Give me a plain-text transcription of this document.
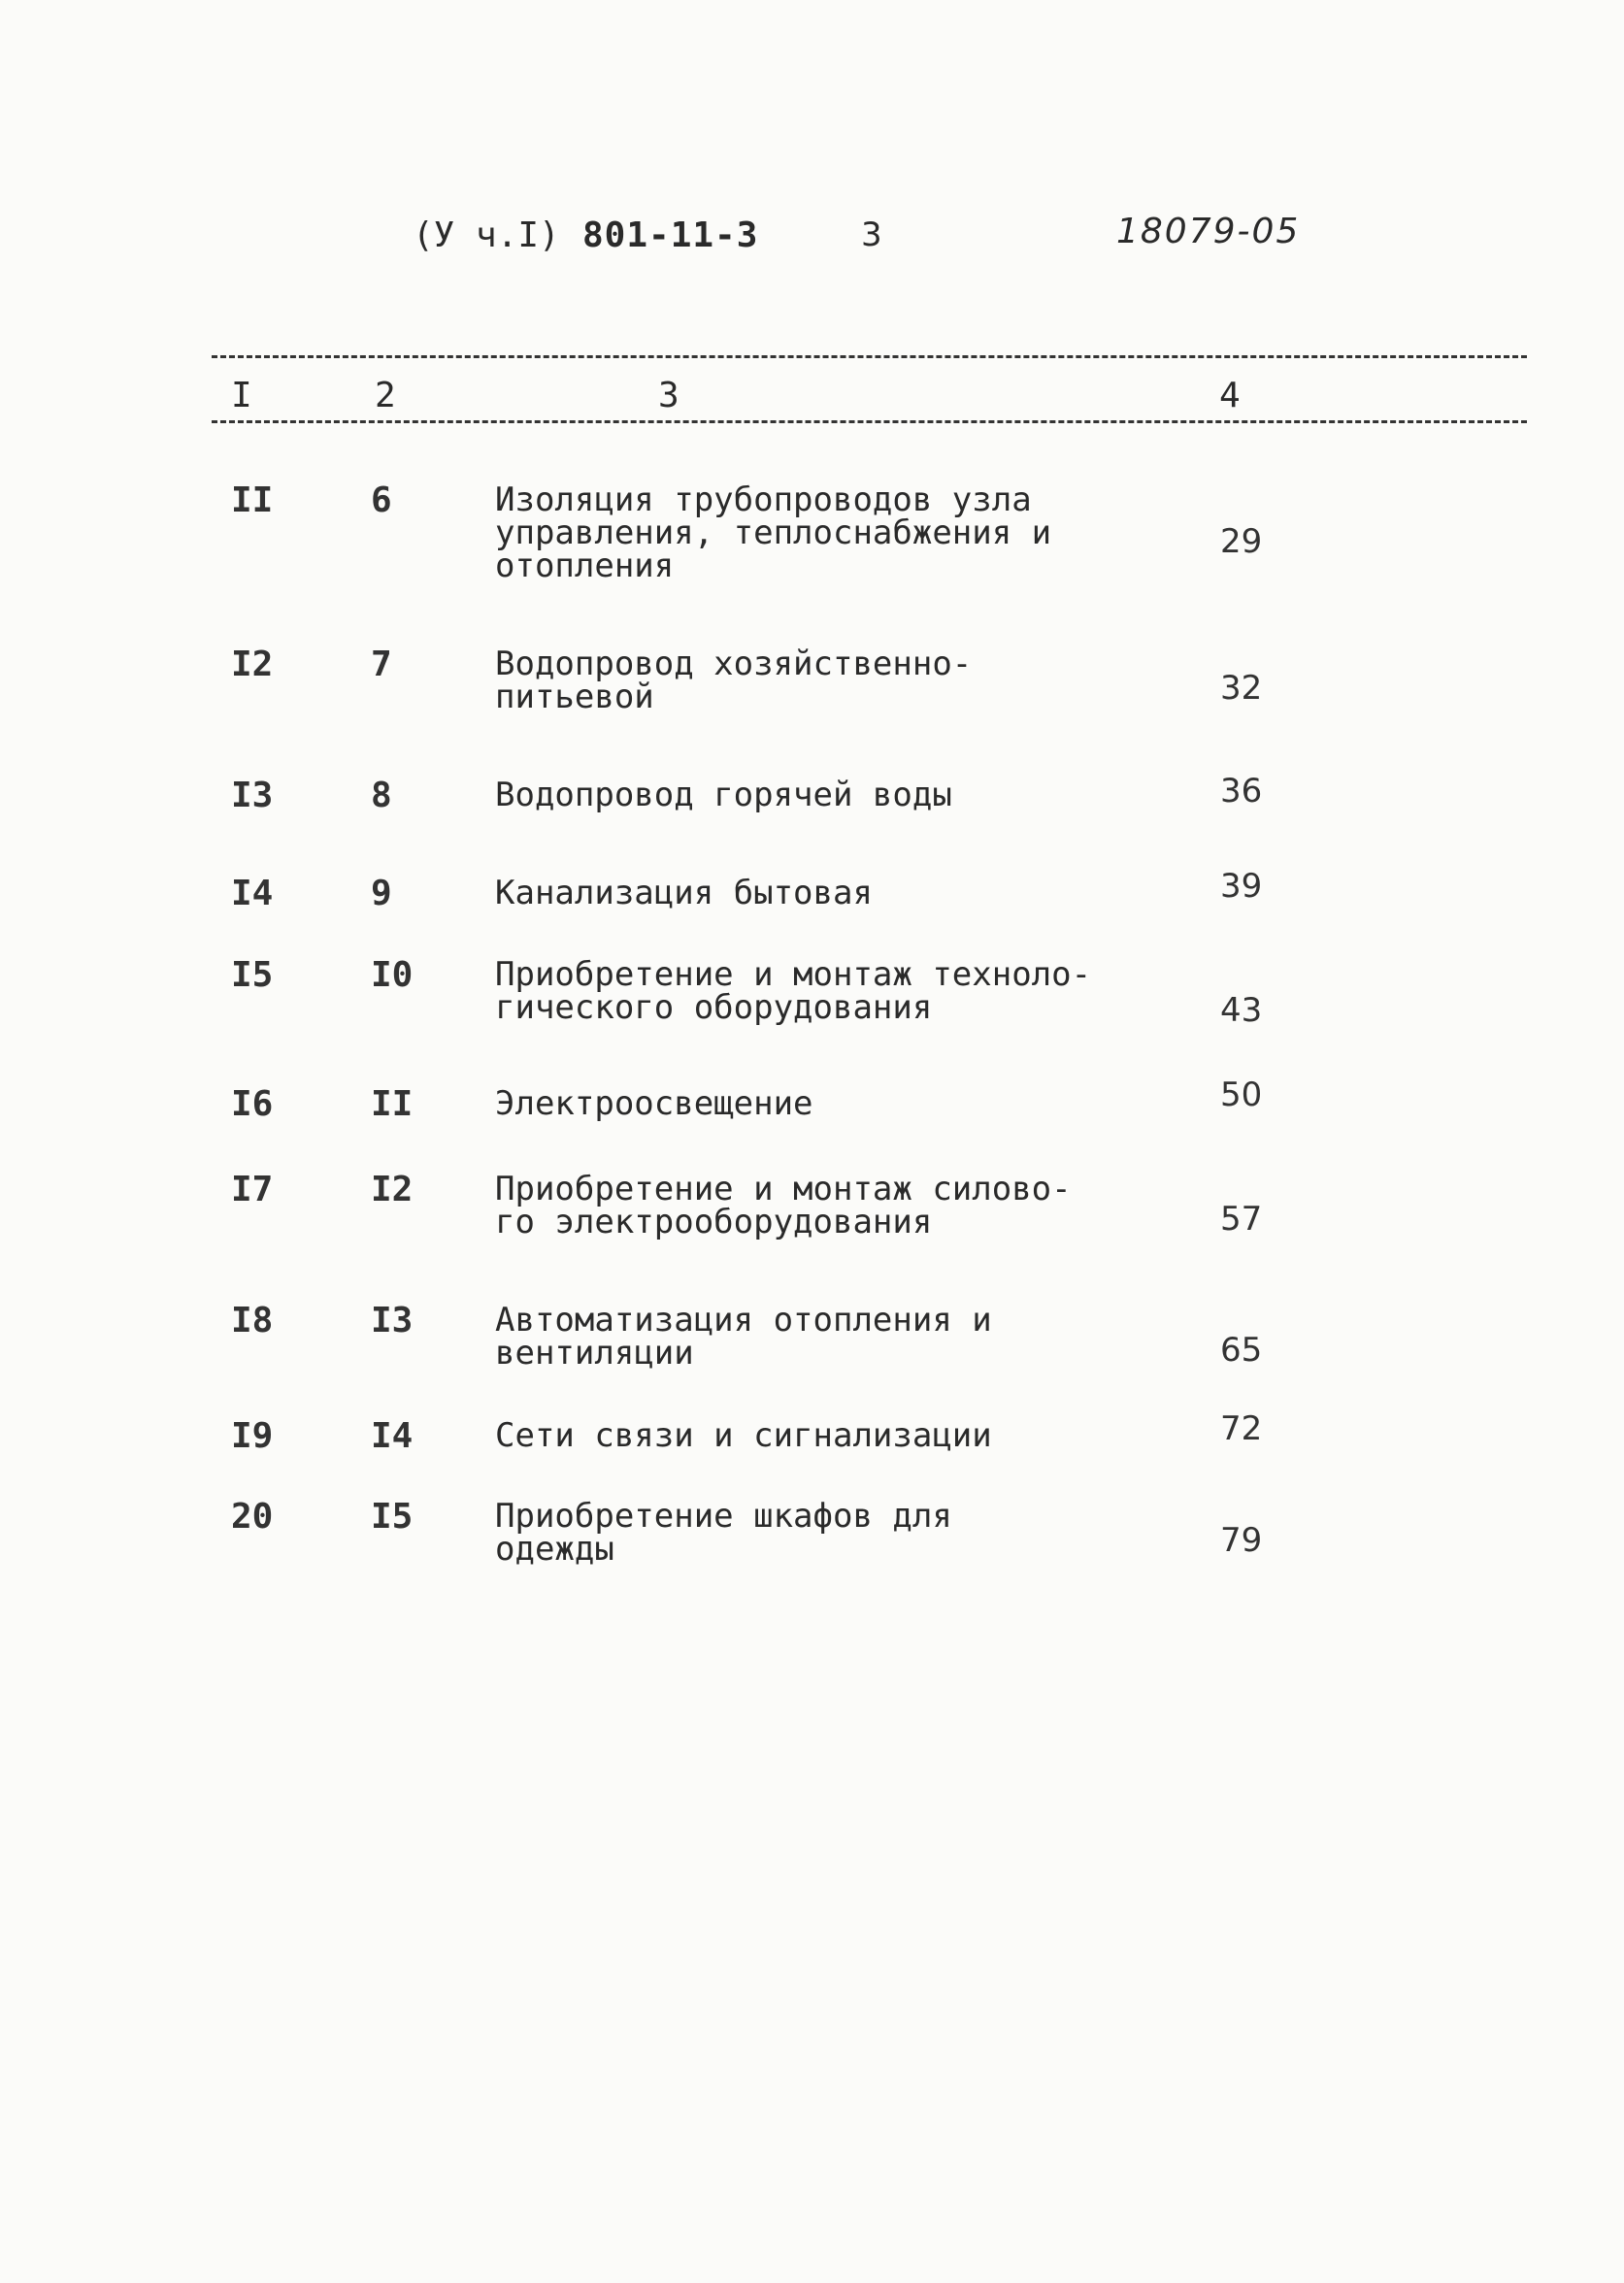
(У ч.I) 801-11-3	3	18079-05
I	2	3	4
II	6	Изоляция трубопроводов узла
управления, теплоснабжения и
отопления
29
I2	7	Водопровод хозяйственно-
питьевой	32
I3	8	Водопровод горячей воды	36
I4	9	Канализация бытовая	39
I5	I0 Приобретение и монтаж техноло-
гического оборудования	43
I6	II Электроосвещение	50
I7	I2 Приобретение и монтаж силово-
го электрооборудования	57
I8	I3 Автоматизация отопления и
вентиляции	65
I9	I4 Сети связи и сигнализации	72
20	I5 Приобретение шкафов для
одежды	79
